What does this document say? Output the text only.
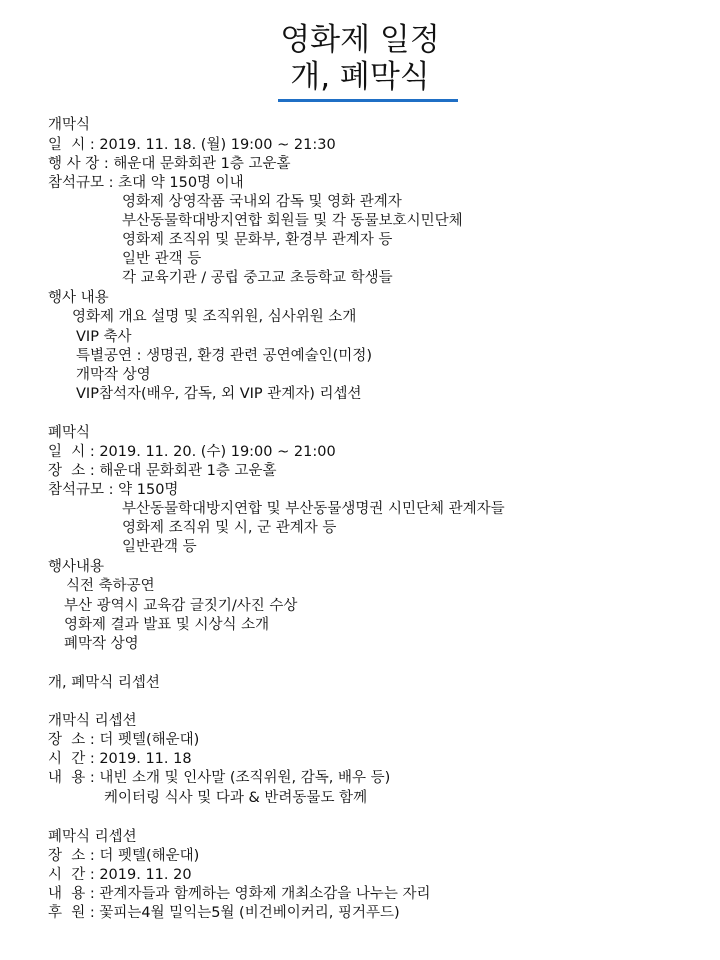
영화제 일정
개, 폐막식
개막식
일  시 : 2019. 11. 18. (월) 19:00 ~ 21:30
행 사 장 : 해운대 문화회관 1층 고운홀
참석규모 : 초대 약 150명 이내
영화제 상영작품 국내외 감독 및 영화 관계자
부산동물학대방지연합 회원들 및 각 동물보호시민단체
영화제 조직위 및 문화부, 환경부 관계자 등
일반 관객 등
각 교육기관 / 공립 중고교 초등학교 학생들
행사 내용
영화제 개요 설명 및 조직위원, 심사위원 소개
VIP 축사
특별공연 : 생명권, 환경 관련 공연예술인(미정)
개막작 상영
VIP참석자(배우, 감독, 외 VIP 관계자) 리셉션
폐막식
일  시 : 2019. 11. 20. (수) 19:00 ~ 21:00
장  소 : 해운대 문화회관 1층 고운홀
참석규모 : 약 150명
부산동물학대방지연합 및 부산동물생명권 시민단체 관계자들
영화제 조직위 및 시, 군 관계자 등
일반관객 등
행사내용
식전 축하공연
부산 광역시 교육감 글짓기/사진 수상
영화제 결과 발표 및 시상식 소개
폐막작 상영
개, 폐막식 리셉션
개막식 리셉션
장  소 : 더 펫텔(해운대)
시  간 : 2019. 11. 18
내  용 : 내빈 소개 및 인사말 (조직위원, 감독, 배우 등)
케이터링 식사 및 다과 & 반려동물도 함께
폐막식 리셉션
장  소 : 더 펫텔(해운대)
시  간 : 2019. 11. 20
내  용 : 관계자들과 함께하는 영화제 개최소감을 나누는 자리
후  원 : 꽃피는4월 밀익는5월 (비건베이커리, 핑거푸드)
